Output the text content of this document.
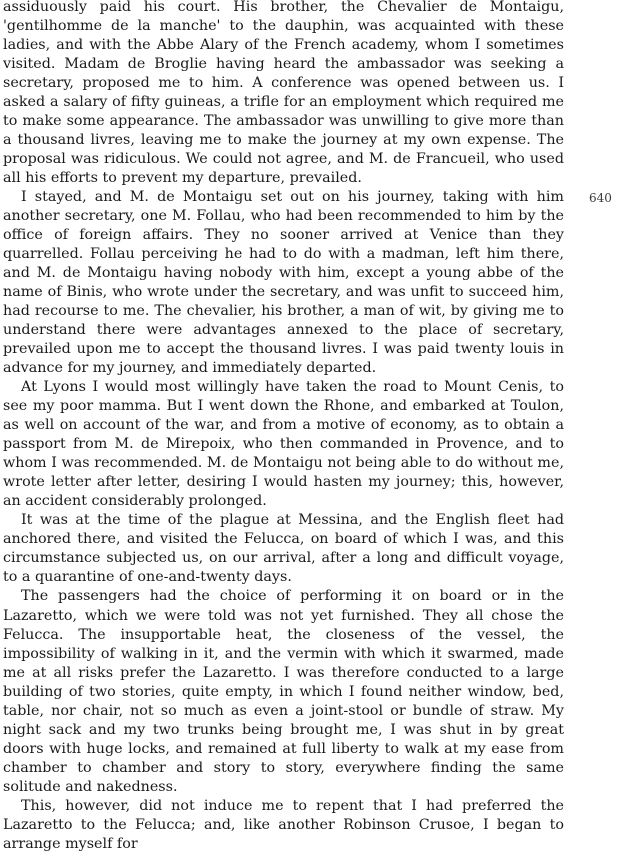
assiduously paid his court. His brother, the Chevalier de Montaigu, 'gentilhomme de la manche' to the dauphin, was acquainted with these ladies, and with the Abbe Alary of the French academy, whom I sometimes visited. Madam de Broglie having heard the ambassador was seeking a secretary, proposed me to him. A conference was opened between us. I asked a salary of fifty guineas, a trifle for an employment which required me to make some appearance. The ambassador was unwilling to give more than a thousand livres, leaving me to make the journey at my own expense. The proposal was ridiculous. We could not agree, and M. de Francueil, who used all his efforts to prevent my departure, prevailed.

I stayed, and M. de Montaigu set out on his journey, taking with him another secretary, one M. Follau, who had been recommended to him by the office of foreign affairs. They no sooner arrived at Venice than they quarrelled. Follau perceiving he had to do with a madman, left him there, and M. de Montaigu having nobody with him, except a young abbe of the name of Binis, who wrote under the secretary, and was unfit to succeed him, had recourse to me. The chevalier, his brother, a man of wit, by giving me to understand there were advantages annexed to the place of secretary, prevailed upon me to accept the thousand livres. I was paid twenty louis in advance for my journey, and immediately departed.

At Lyons I would most willingly have taken the road to Mount Cenis, to see my poor mamma. But I went down the Rhone, and embarked at Toulon, as well on account of the war, and from a motive of economy, as to obtain a passport from M. de Mirepoix, who then commanded in Provence, and to whom I was recommended. M. de Montaigu not being able to do without me, wrote letter after letter, desiring I would hasten my journey; this, however, an accident considerably prolonged.

It was at the time of the plague at Messina, and the English fleet had anchored there, and visited the Felucca, on board of which I was, and this circumstance subjected us, on our arrival, after a long and difficult voyage, to a quarantine of one-and-twenty days.

The passengers had the choice of performing it on board or in the Lazaretto, which we were told was not yet furnished. They all chose the Felucca. The insupportable heat, the closeness of the vessel, the impossibility of walking in it, and the vermin with which it swarmed, made me at all risks prefer the Lazaretto. I was therefore conducted to a large building of two stories, quite empty, in which I found neither window, bed, table, nor chair, not so much as even a joint-stool or bundle of straw. My night sack and my two trunks being brought me, I was shut in by great doors with huge locks, and remained at full liberty to walk at my ease from chamber to chamber and story to story, everywhere finding the same solitude and nakedness.

This, however, did not induce me to repent that I had preferred the Lazaretto to the Felucca; and, like another Robinson Crusoe, I began to arrange myself for

640
